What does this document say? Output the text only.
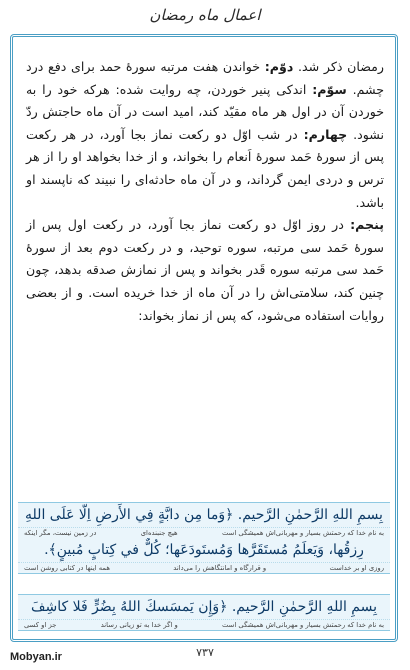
اعمال ماه رمضان

رمضان ذکر شد. دوّم: خواندن هفت مرتبه سورهٔ حمد برای دفع درد چشم. سوّم: اندکی پنیر خوردن، چه روایت شده: هرکه خود را به خوردن آن در اول هر ماه مقیّد کند، امید است در آن ماه حاجتش ردّ نشود. چهارم: در شب اوّل دو رکعت نماز بجا آورد، در هر رکعت پس از سورهٔ حَمد سورهٔ اَنعام را بخواند، و از خدا بخواهد او را از هر ترس و دردی ایمن گرداند، و در آن ماه حادثه‌ای را نبیند که ناپسند او باشد.

پنجم: در روز اوّل دو رکعت نماز بجا آورد، در رکعت اول پس از سورهٔ حَمد سی مرتبه، سوره توحید، و در رکعت دوم بعد از سورهٔ حَمد سی مرتبه سوره قَدر بخواند و پس از نمازش صدقه بدهد، چون چنین کند، سلامتی‌اش را در آن ماه از خدا خریده است. و از بعضی روایات استفاده می‌شود، که پس از نماز بخواند:

بِسمِ اللهِ الرَّحمٰنِ الرَّحیم. ﴿وَما مِن دابَّةٍ فِي الأَرضِ اِلّا عَلَى اللهِ
به نام خدا که رحمتش بسیار و مهربانی‌اش همیشگی است
هیچ جنبنده‌ای
در زمین نیست، مگر اینکه
رِزقُها، وَيَعلَمُ مُستَقَرَّها وَمُستَودَعَها؛ كُلٌّ في كِتابٍ مُبينٍ﴾.
روزی او بر خداست
و قرارگاه و امانتگاهش را می‌داند
همه اینها در کتابی روشن است
بِسمِ اللهِ الرَّحمٰنِ الرَّحیم. ﴿وَإِن يَمسَسكَ اللهُ بِضُرٍّ فَلا كاشِفَ
به نام خدا که رحمتش بسیار و مهربانی‌اش همیشگی است
و اگر خدا به تو زیانی رساند
جز او کسی
۷۳۷
Mobyan.ir
